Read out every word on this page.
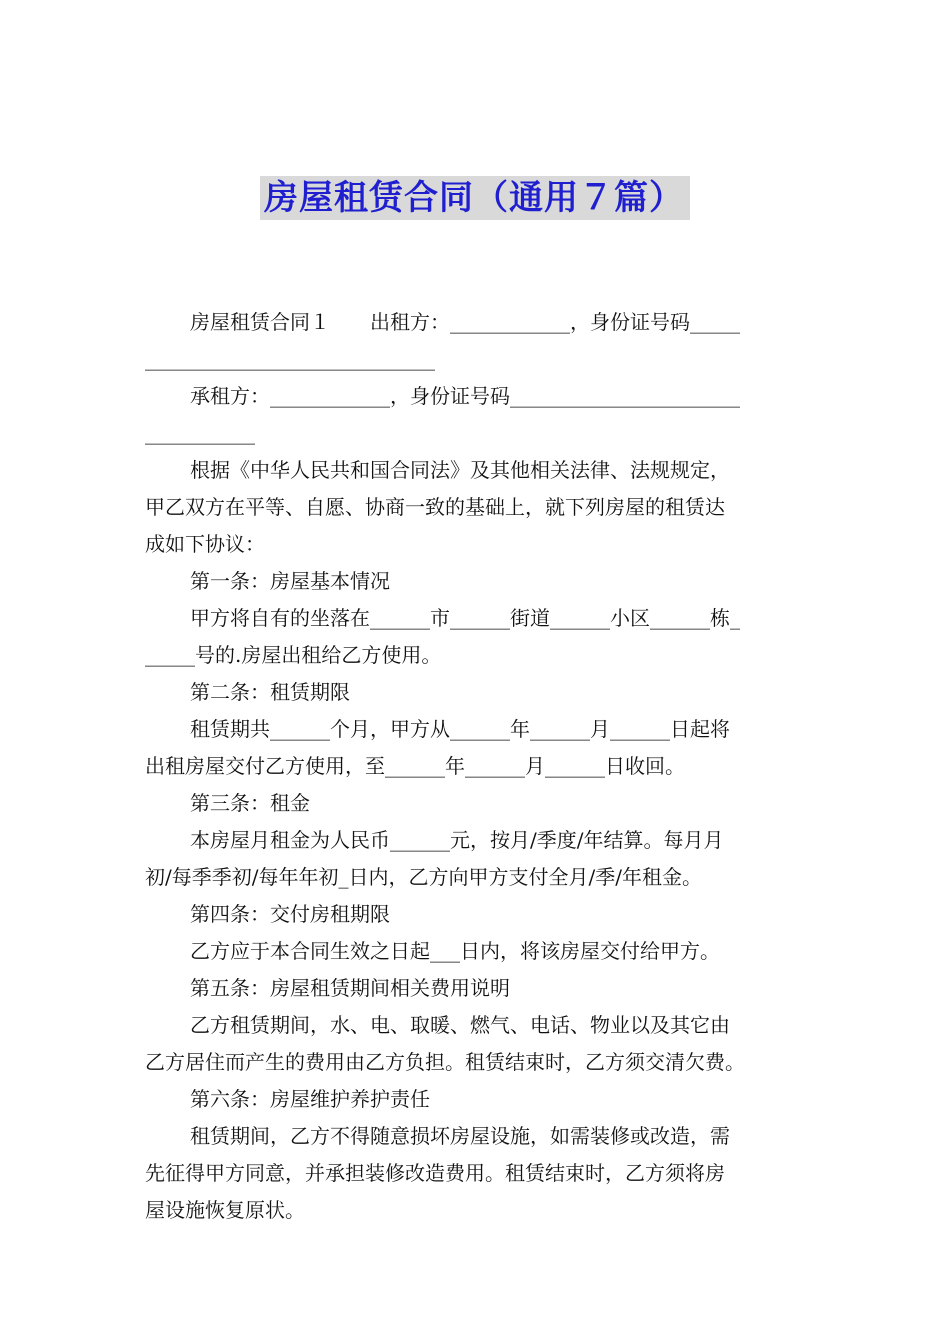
房屋租赁合同（通用７篇）

房屋租赁合同１　　出租方：____________，身份证号码_____

_____________________________

承租方：____________，身份证号码_______________________

___________

根据《中华人民共和国合同法》及其他相关法律、法规规定，

甲乙双方在平等、自愿、协商一致的基础上，就下列房屋的租赁达

成如下协议：

第一条：房屋基本情况

甲方将自有的坐落在______市______街道______小区______栋_

_____号的.房屋出租给乙方使用。

第二条：租赁期限

租赁期共______个月，甲方从______年______月______日起将

出租房屋交付乙方使用，至______年______月______日收回。

第三条：租金

本房屋月租金为人民币______元，按月/季度/年结算。每月月

初/每季季初/每年年初_日内，乙方向甲方支付全月/季/年租金。

第四条：交付房租期限

乙方应于本合同生效之日起___日内，将该房屋交付给甲方。

第五条：房屋租赁期间相关费用说明

乙方租赁期间，水、电、取暖、燃气、电话、物业以及其它由

乙方居住而产生的费用由乙方负担。租赁结束时，乙方须交清欠费。

第六条：房屋维护养护责任

租赁期间，乙方不得随意损坏房屋设施，如需装修或改造，需

先征得甲方同意，并承担装修改造费用。租赁结束时，乙方须将房

屋设施恢复原状。
